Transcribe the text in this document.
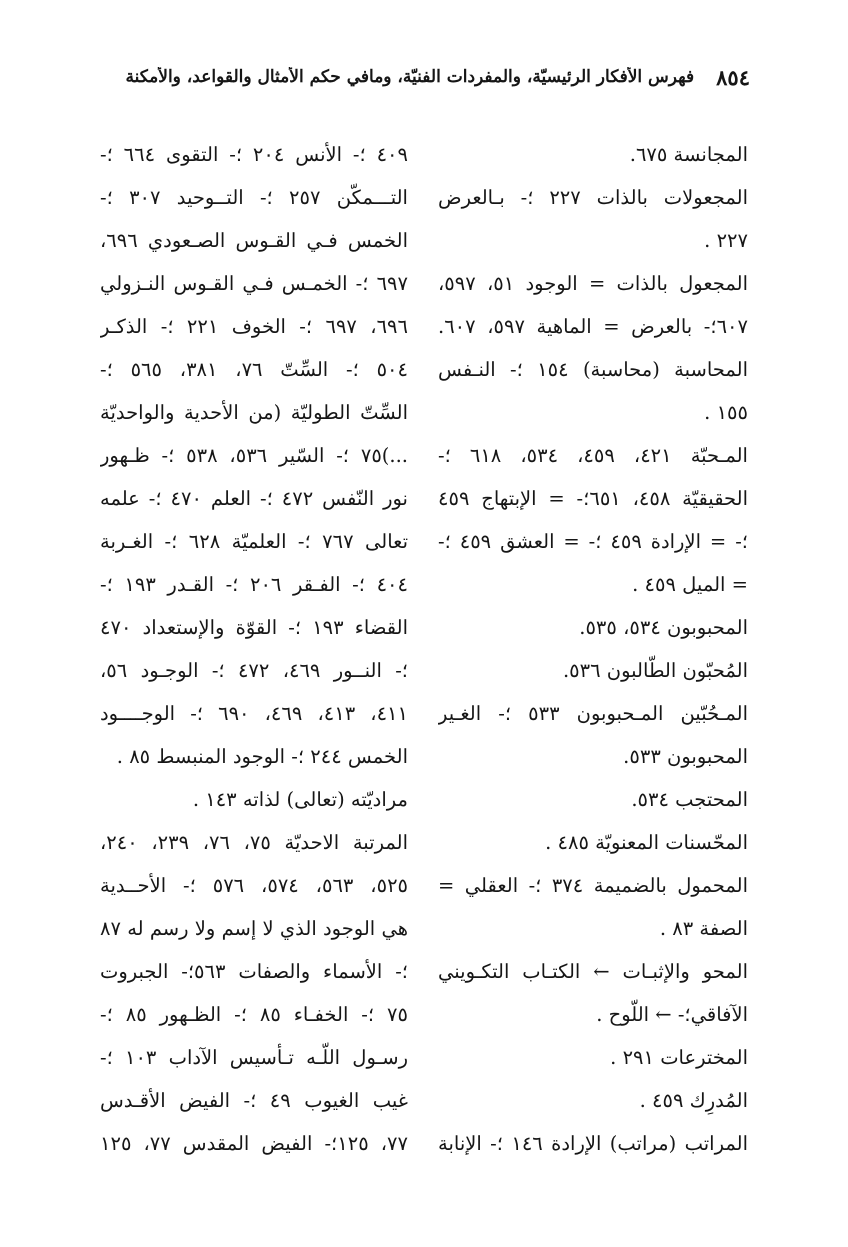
٨٥٤
فهرس الأفكار الرئيسيّة، والمفردات الفنيّة، ومافي حكم الأمثال والقواعد، والأمكنة
المجانسة ٦٧٥.
المجعولات بالذات ٢٢٧ ؛- بـالعرض
٢٢٧ .
المجعول بالذات = الوجود ٥١، ٥٩٧،
٦٠٧؛- بالعرض = الماهية ٥٩٧، ٦٠٧.
المحاسبة (محاسبة) ١٥٤ ؛- النـفس
١٥٥ .
المـحبّة ٤٢١، ٤٥٩، ٥٣٤، ٦١٨ ؛-
الحقيقيّة ٤٥٨، ٦٥١؛- = الإبتهاج ٤٥٩
؛- = الإرادة ٤٥٩ ؛- = العشق ٤٥٩ ؛-
= الميل ٤٥٩ .
المحبوبون ٥٣٤، ٥٣٥.
المُحبّون الطّالبون ٥٣٦.
المـحُبّين المـحبوبون ٥٣٣ ؛- الغـير
المحبوبون ٥٣٣.
المحتجب ٥٣٤.
المحّسنات المعنويّة ٤٨٥ .
المحمول بالضميمة ٣٧٤ ؛- العقلي =
الصفة ٨٣ .
المحو والإثبـات ← الكتـاب التكـويني
الآفاقي؛- ← اللّوح .
المخترعات ٢٩١ .
المُدرِك ٤٥٩ .
المراتب (مراتب) الإرادة ١٤٦ ؛- الإنابة
٤٠٩ ؛- الأنس ٢٠٤ ؛- التقوى ٦٦٤ ؛-
التـــمكّن ٢٥٧ ؛- التــوحيد ٣٠٧ ؛-
الخمس فـي القـوس الصـعودي ٦٩٦،
٦٩٧ ؛- الخمـس فـي القـوس النـزولي
٦٩٦، ٦٩٧ ؛- الخوف ٢٢١ ؛- الذكـر
٥٠٤ ؛- السِّتّ ٧٦، ٣٨١، ٥٦٥ ؛-
السِّتّ الطوليّة (من الأحدية والواحديّة
...)٧٥ ؛- السّير ٥٣٦، ٥٣٨ ؛- ظـهور
نور النّفس ٤٧٢ ؛- العلم ٤٧٠ ؛- علمه
تعالى ٧٦٧ ؛- العلميّة ٦٢٨ ؛- الغـربة
٤٠٤ ؛- الفـقر ٢٠٦ ؛- القـدر ١٩٣ ؛-
القضاء ١٩٣ ؛- القوّة والإستعداد ٤٧٠
؛- النــور ٤٦٩، ٤٧٢ ؛- الوجـود ٥٦،
٤١١، ٤١٣، ٤٦٩، ٦٩٠ ؛- الوجــــود
الخمس ٢٤٤ ؛- الوجود المنبسط ٨٥ .
مراديّته (تعالى) لذاته ١٤٣ .
المرتبة الاحديّة ٧٥، ٧٦، ٢٣٩، ٢٤٠،
٥٢٥، ٥٦٣، ٥٧٤، ٥٧٦ ؛- الأحــدية
هي الوجود الذي لا إسم ولا رسم له ٨٧
؛- الأسماء والصفات ٥٦٣؛- الجبروت
٧٥ ؛- الخفـاء ٨٥ ؛- الظـهور ٨٥ ؛-
رسـول اللّـه تـأسيس الآداب ١٠٣ ؛-
غيب الغيوب ٤٩ ؛- الفيض الأقـدس
٧٧، ١٢٥؛- الفيض المقدس ٧٧، ١٢٥
